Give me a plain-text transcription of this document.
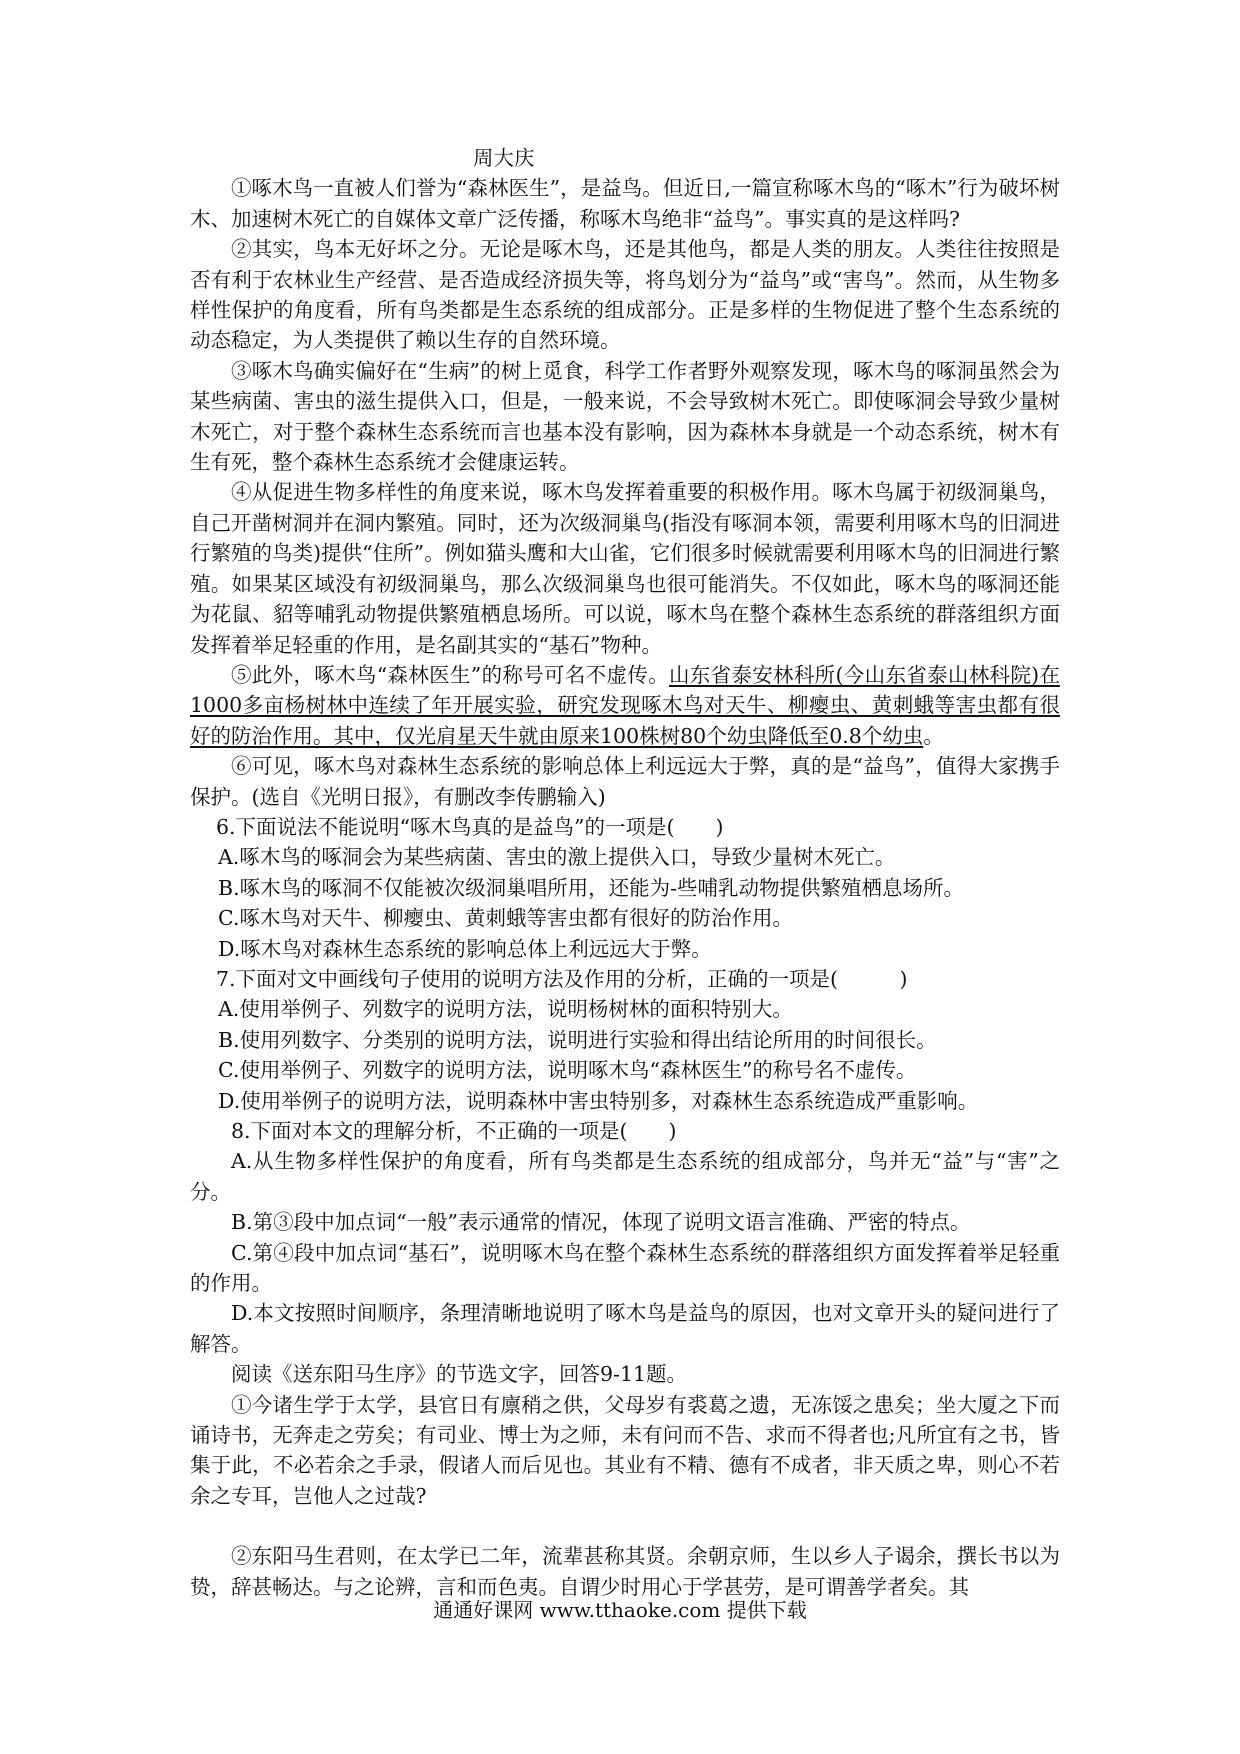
周大庆

①啄木鸟一直被人们誉为“森林医生”，是益鸟。但近日,一篇宣称啄木鸟的“啄木”行为破坏树木、加速树木死亡的自媒体文章广泛传播，称啄木鸟绝非“益鸟”。事实真的是这样吗?

②其实，鸟本无好坏之分。无论是啄木鸟，还是其他鸟，都是人类的朋友。人类往往按照是否有利于农林业生产经营、是否造成经济损失等，将鸟划分为“益鸟”或“害鸟”。然而，从生物多样性保护的角度看，所有鸟类都是生态系统的组成部分。正是多样的生物促进了整个生态系统的动态稳定，为人类提供了赖以生存的自然环境。

③啄木鸟确实偏好在“生病”的树上觅食，科学工作者野外观察发现，啄木鸟的啄洞虽然会为某些病菌、害虫的滋生提供入口，但是，一般来说，不会导致树木死亡。即使啄洞会导致少量树木死亡，对于整个森林生态系统而言也基本没有影响，因为森林本身就是一个动态系统，树木有生有死，整个森林生态系统才会健康运转。

④从促进生物多样性的角度来说，啄木鸟发挥着重要的积极作用。啄木鸟属于初级洞巢鸟，自己开凿树洞并在洞内繁殖。同时，还为次级洞巢鸟(指没有啄洞本领，需要利用啄木鸟的旧洞进行繁殖的鸟类)提供“住所”。例如猫头鹰和大山雀，它们很多时候就需要利用啄木鸟的旧洞进行繁殖。如果某区域没有初级洞巢鸟，那么次级洞巢鸟也很可能消失。不仅如此，啄木鸟的啄洞还能为花鼠、貂等哺乳动物提供繁殖栖息场所。可以说，啄木鸟在整个森林生态系统的群落组织方面发挥着举足轻重的作用，是名副其实的“基石”物种。

⑤此外，啄木鸟“森林医生”的称号可名不虚传。山东省泰安林科所(今山东省泰山林科院)在1000多亩杨树林中连续了年开展实验，研究发现啄木鸟对天牛、柳瘿虫、黄刺蛾等害虫都有很好的防治作用。其中，仅光肩星天牛就由原来100株树80个幼虫降低至0.8个幼虫。

⑥可见，啄木鸟对森林生态系统的影响总体上利远远大于弊，真的是“益鸟”，值得大家携手保护。(选自《光明日报》，有删改李传鹏输入)

6.下面说法不能说明“啄木鸟真的是益鸟”的一项是(　　)

A.啄木鸟的啄洞会为某些病菌、害虫的激上提供入口，导致少量树木死亡。

B.啄木鸟的啄洞不仅能被次级洞巢唱所用，还能为-些哺乳动物提供繁殖栖息场所。

C.啄木鸟对天牛、柳瘿虫、黄刺蛾等害虫都有很好的防治作用。

D.啄木鸟对森林生态系统的影响总体上利远远大于弊。

7.下面对文中画线句子使用的说明方法及作用的分析，正确的一项是(　　　)

A.使用举例子、列数字的说明方法，说明杨树林的面积特别大。

B.使用列数字、分类别的说明方法，说明进行实验和得出结论所用的时间很长。

C.使用举例子、列数字的说明方法，说明啄木鸟“森林医生”的称号名不虚传。

D.使用举例子的说明方法，说明森林中害虫特别多，对森林生态系统造成严重影响。

8.下面对本文的理解分析，不正确的一项是(　　)

A.从生物多样性保护的角度看，所有鸟类都是生态系统的组成部分，鸟并无“益”与“害”之分。

B.第③段中加点词“一般”表示通常的情况，体现了说明文语言准确、严密的特点。

C.第④段中加点词“基石”，说明啄木鸟在整个森林生态系统的群落组织方面发挥着举足轻重的作用。

D.本文按照时间顺序，条理清晰地说明了啄木鸟是益鸟的原因，也对文章开头的疑问进行了解答。

阅读《送东阳马生序》的节选文字，回答9-11题。

①今诸生学于太学，县官日有廪稍之供，父母岁有裘葛之遗，无冻馁之患矣；坐大厦之下而诵诗书，无奔走之劳矣；有司业、博士为之师，未有问而不告、求而不得者也;凡所宜有之书，皆集于此，不必若余之手录，假诸人而后见也。其业有不精、德有不成者，非天质之卑，则心不若余之专耳，岂他人之过哉?

②东阳马生君则，在太学已二年，流辈甚称其贤。余朝京师，生以乡人子谒余，撰长书以为贽，辞甚畅达。与之论辨，言和而色夷。自谓少时用心于学甚劳，是可谓善学者矣。其

通通好课网 www.tthaoke.com 提供下载
